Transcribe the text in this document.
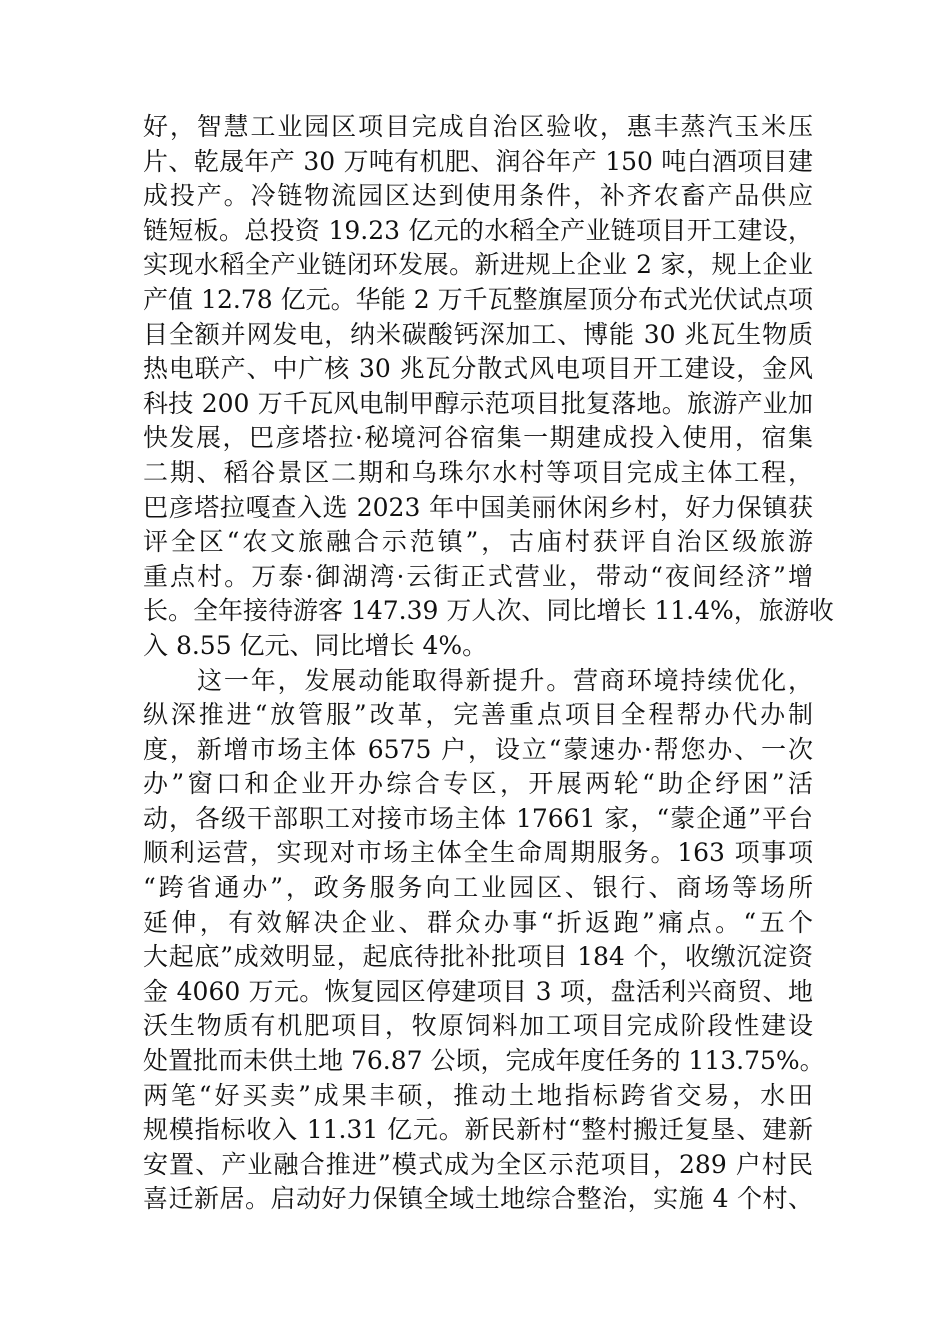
好，智慧工业园区项目完成自治区验收，惠丰蒸汽玉米压
片、乾晟年产 30 万吨有机肥、润谷年产 150 吨白酒项目建
成投产。冷链物流园区达到使用条件，补齐农畜产品供应
链短板。总投资 19.23 亿元的水稻全产业链项目开工建设，
实现水稻全产业链闭环发展。新进规上企业 2 家，规上企业
产值 12.78 亿元。华能 2 万千瓦整旗屋顶分布式光伏试点项
目全额并网发电，纳米碳酸钙深加工、博能 30 兆瓦生物质
热电联产、中广核 30 兆瓦分散式风电项目开工建设，金风
科技 200 万千瓦风电制甲醇示范项目批复落地。旅游产业加
快发展，巴彦塔拉·秘境河谷宿集一期建成投入使用，宿集
二期、稻谷景区二期和乌珠尔水村等项目完成主体工程，
巴彦塔拉嘎查入选 2023 年中国美丽休闲乡村，好力保镇获
评全区“农文旅融合示范镇”，古庙村获评自治区级旅游
重点村。万泰·御湖湾·云街正式营业，带动“夜间经济”增
长。全年接待游客 147.39 万人次、同比增长 11.4%，旅游收
入 8.55 亿元、同比增长 4%。
这一年，发展动能取得新提升。营商环境持续优化，
纵深推进“放管服”改革，完善重点项目全程帮办代办制
度，新增市场主体 6575 户，设立“蒙速办·帮您办、一次
办”窗口和企业开办综合专区，开展两轮“助企纾困”活
动，各级干部职工对接市场主体 17661 家，“蒙企通”平台
顺利运营，实现对市场主体全生命周期服务。163 项事项
“跨省通办”，政务服务向工业园区、银行、商场等场所
延伸，有效解决企业、群众办事“折返跑”痛点。“五个
大起底”成效明显，起底待批补批项目 184 个，收缴沉淀资
金 4060 万元。恢复园区停建项目 3 项，盘活利兴商贸、地
沃生物质有机肥项目，牧原饲料加工项目完成阶段性建设
处置批而未供土地 76.87 公顷，完成年度任务的 113.75%。
两笔“好买卖”成果丰硕，推动土地指标跨省交易，水田
规模指标收入 11.31 亿元。新民新村“整村搬迁复垦、建新
安置、产业融合推进”模式成为全区示范项目，289 户村民
喜迁新居。启动好力保镇全域土地综合整治，实施 4 个村、
